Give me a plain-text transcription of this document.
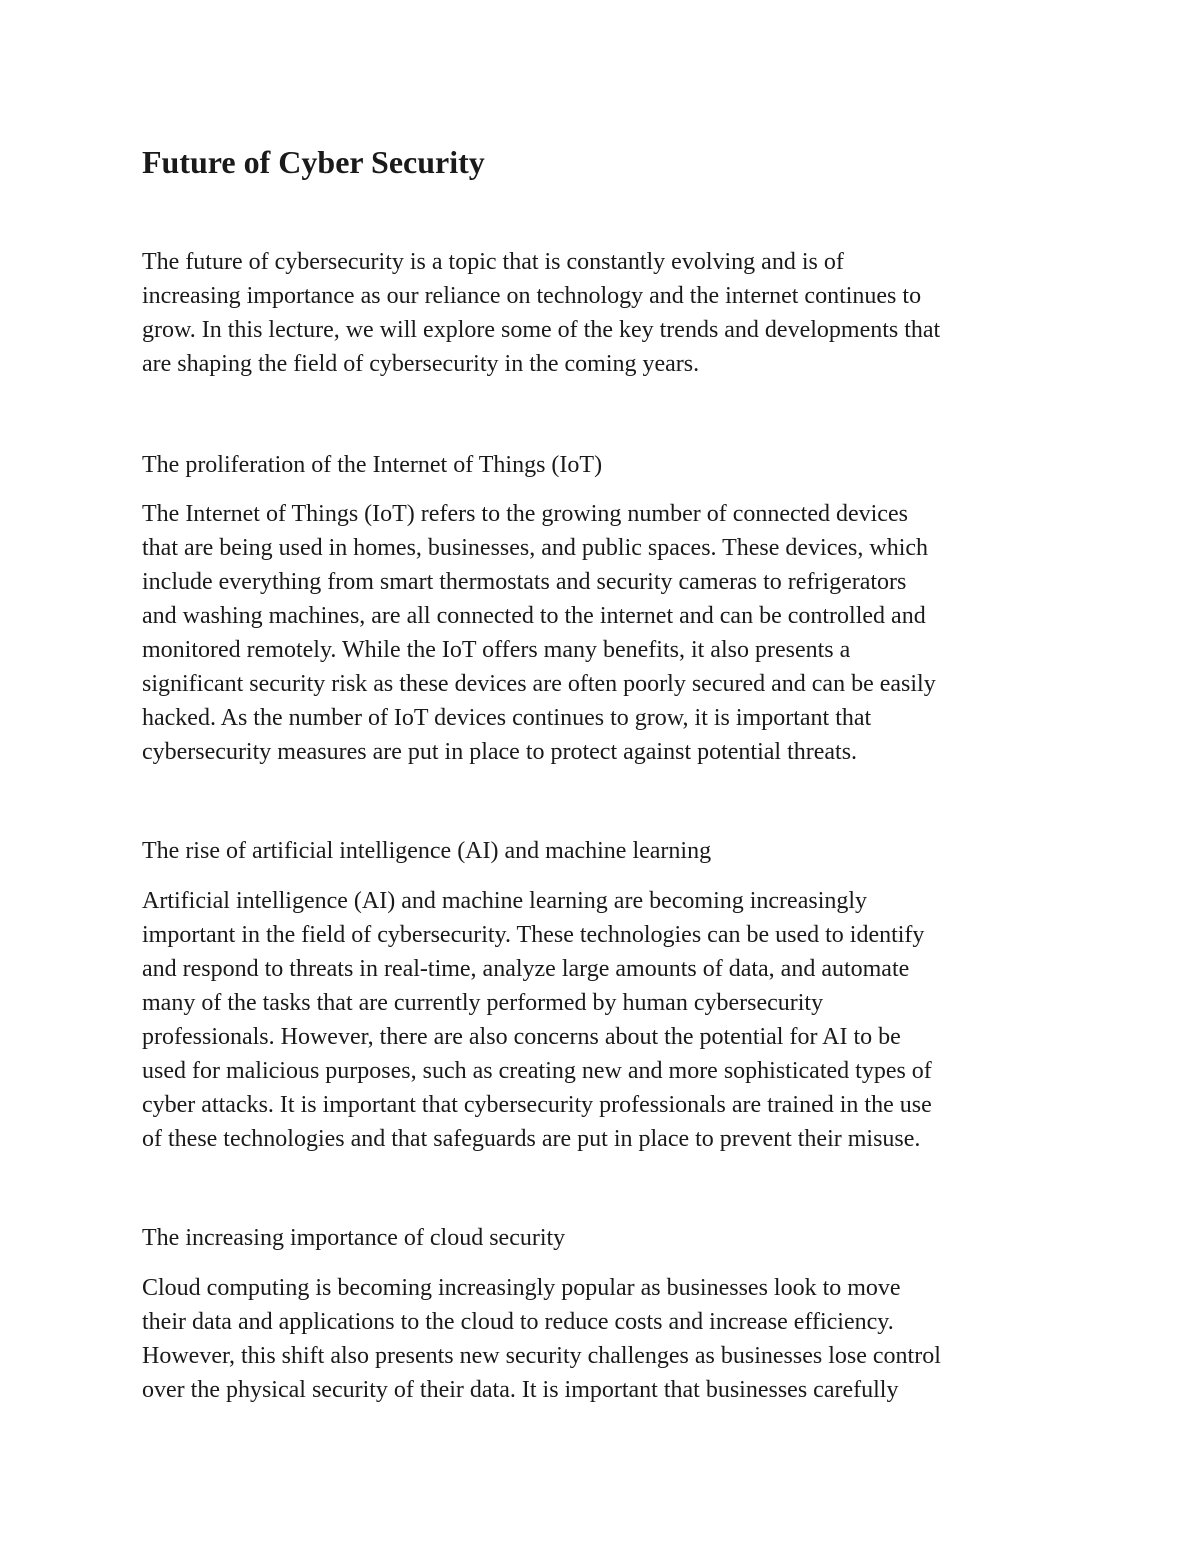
Future of Cyber Security

The future of cybersecurity is a topic that is constantly evolving and is of
increasing importance as our reliance on technology and the internet continues to
grow. In this lecture, we will explore some of the key trends and developments that
are shaping the field of cybersecurity in the coming years.

The proliferation of the Internet of Things (IoT)

The Internet of Things (IoT) refers to the growing number of connected devices
that are being used in homes, businesses, and public spaces. These devices, which
include everything from smart thermostats and security cameras to refrigerators
and washing machines, are all connected to the internet and can be controlled and
monitored remotely. While the IoT offers many benefits, it also presents a
significant security risk as these devices are often poorly secured and can be easily
hacked. As the number of IoT devices continues to grow, it is important that
cybersecurity measures are put in place to protect against potential threats.

The rise of artificial intelligence (AI) and machine learning

Artificial intelligence (AI) and machine learning are becoming increasingly
important in the field of cybersecurity. These technologies can be used to identify
and respond to threats in real-time, analyze large amounts of data, and automate
many of the tasks that are currently performed by human cybersecurity
professionals. However, there are also concerns about the potential for AI to be
used for malicious purposes, such as creating new and more sophisticated types of
cyber attacks. It is important that cybersecurity professionals are trained in the use
of these technologies and that safeguards are put in place to prevent their misuse.

The increasing importance of cloud security

Cloud computing is becoming increasingly popular as businesses look to move
their data and applications to the cloud to reduce costs and increase efficiency.
However, this shift also presents new security challenges as businesses lose control
over the physical security of their data. It is important that businesses carefully
